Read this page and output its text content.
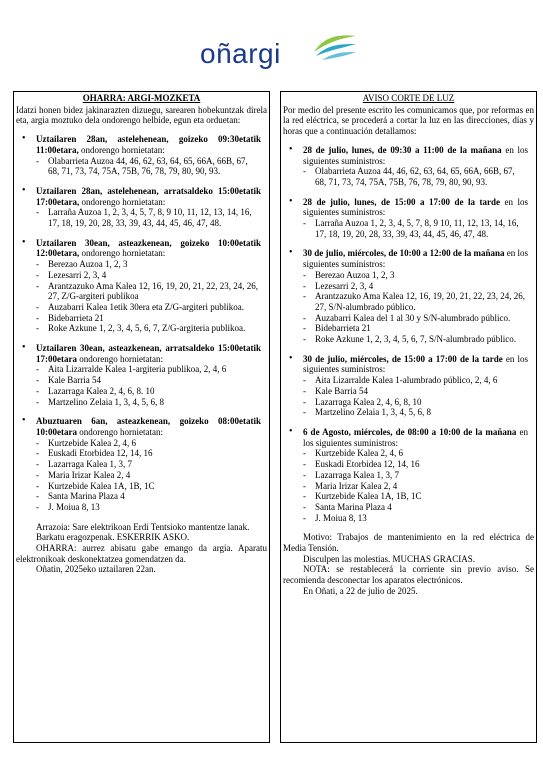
oñargi
OHARRA: ARGI-MOZKETA
Idatzi honen bidez jakinarazten dizuegu, sarearen hobekuntzak direla eta, argia moztuko dela ondorengo helbide, egun eta orduetan:
•	Uztailaren 28an, astelehenean, goizeko 09:30etatik 11:00etara, ondorengo hornietatan:
- Olabarrieta Auzoa 44, 46, 62, 63, 64, 65, 66A, 66B, 67, 68, 71, 73, 74, 75A, 75B, 76, 78, 79, 80, 90, 93.
•	Uztailaren 28an, astelehenean, arratsaldeko 15:00etatik 17:00etara, ondorengo hornietatan:
- Larraña Auzoa 1, 2, 3, 4, 5, 7, 8, 9 10, 11, 12, 13, 14, 16, 17, 18, 19, 20, 28, 33, 39, 43, 44, 45, 46, 47, 48.
•	Uztailaren 30ean, asteazkenean, goizeko 10:00etatik 12:00etara, ondorengo hornietatan:
- Berezao Auzoa 1, 2, 3
- Lezesarri 2, 3, 4
- Arantzazuko Ama Kalea 12, 16, 19, 20, 21, 22, 23, 24, 26, 27, Z/G-argiteri publikoa
- Auzabarri Kalea 1etik 30era eta Z/G-argiteri publikoa.
- Bidebarrieta 21
- Roke Azkune 1, 2, 3, 4, 5, 6, 7, Z/G-argiteria publikoa.
•	Uztailaren 30ean, asteazkenean, arratsaldeko 15:00etatik 17:00etara ondorengo hornietatan:
- Aita Lizarralde Kalea 1-argiteria publikoa, 2, 4, 6
- Kale Barria 54
- Lazarraga Kalea 2, 4, 6, 8. 10
- Martzelino Zelaia 1, 3, 4, 5, 6, 8
•	Abuztuaren 6an, asteazkenean, goizeko 08:00etatik 10:00etara ondorengo hornietatan:
- Kurtzebide Kalea 2, 4, 6
- Euskadi Etorbidea 12, 14, 16
- Lazarraga Kalea 1, 3, 7
- Maria Irizar Kalea 2, 4
- Kurtzebide Kalea 1A, 1B, 1C
- Santa Marina Plaza 4
- J. Moiua 8, 13

Arrazoia: Sare elektrikoan Erdi Tentsioko mantentze lanak.

Barkatu eragozpenak. ESKERRIK ASKO.

OHARRA: aurrez abisatu gabe emango da argia. Aparatu elektronikoak deskonektatzea gomendatzen da.

Oñatin, 2025eko uztailaren 22an.

AVISO CORTE DE LUZ
Por medio del presente escrito les comunicamos que, por reformas en la red eléctrica, se procederá a cortar la luz en las direcciones, días y horas que a continuación detallamos:
•	28 de julio, lunes, de 09:30 a 11:00 de la mañana en los siguientes suministros:
- Olabarrieta Auzoa 44, 46, 62, 63, 64, 65, 66A, 66B, 67, 68, 71, 73, 74, 75A, 75B, 76, 78, 79, 80, 90, 93.
•	28 de julio, lunes, de 15:00 a 17:00 de la tarde en los siguientes suministros:
- Larraña Auzoa 1, 2, 3, 4, 5, 7, 8, 9 10, 11, 12, 13, 14, 16, 17, 18, 19, 20, 28, 33, 39, 43, 44, 45, 46, 47, 48.
•	30 de julio, miércoles, de 10:00 a 12:00 de la mañana en los siguientes suministros:
- Berezao Auzoa 1, 2, 3
- Lezesarri 2, 3, 4
- Arantzazuko Ama Kalea 12, 16, 19, 20, 21, 22, 23, 24, 26, 27, S/N-alumbrado público.
- Auzabarri Kalea del 1 al 30 y S/N-alumbrado público.
- Bidebarrieta 21
- Roke Azkune 1, 2, 3, 4, 5, 6, 7, S/N-alumbrado público.
•	30 de julio, miércoles, de 15:00 a 17:00 de la tarde en los siguientes suministros:
- Aita Lizarralde Kalea 1-alumbrado público, 2, 4, 6
- Kale Barria 54
- Lazarraga Kalea 2, 4, 6, 8, 10
- Martzelino Zelaia 1, 3, 4, 5, 6, 8
•	6 de Agosto, miércoles, de 08:00 a 10:00 de la mañana en los siguientes suministros:
- Kurtzebide Kalea 2, 4, 6
- Euskadi Etorbidea 12, 14, 16
- Lazarraga Kalea 1, 3, 7
- Maria Irizar Kalea 2, 4
- Kurtzebide Kalea 1A, 1B, 1C
- Santa Marina Plaza 4
- J. Moiua 8, 13

Motivo: Trabajos de mantenimiento en la red eléctrica de Media Tensión.

Disculpen las molestias. MUCHAS GRACIAS.

NOTA: se restablecerá la corriente sin previo aviso. Se recomienda desconectar los aparatos electrónicos.

En Oñati, a 22 de julio de 2025.
